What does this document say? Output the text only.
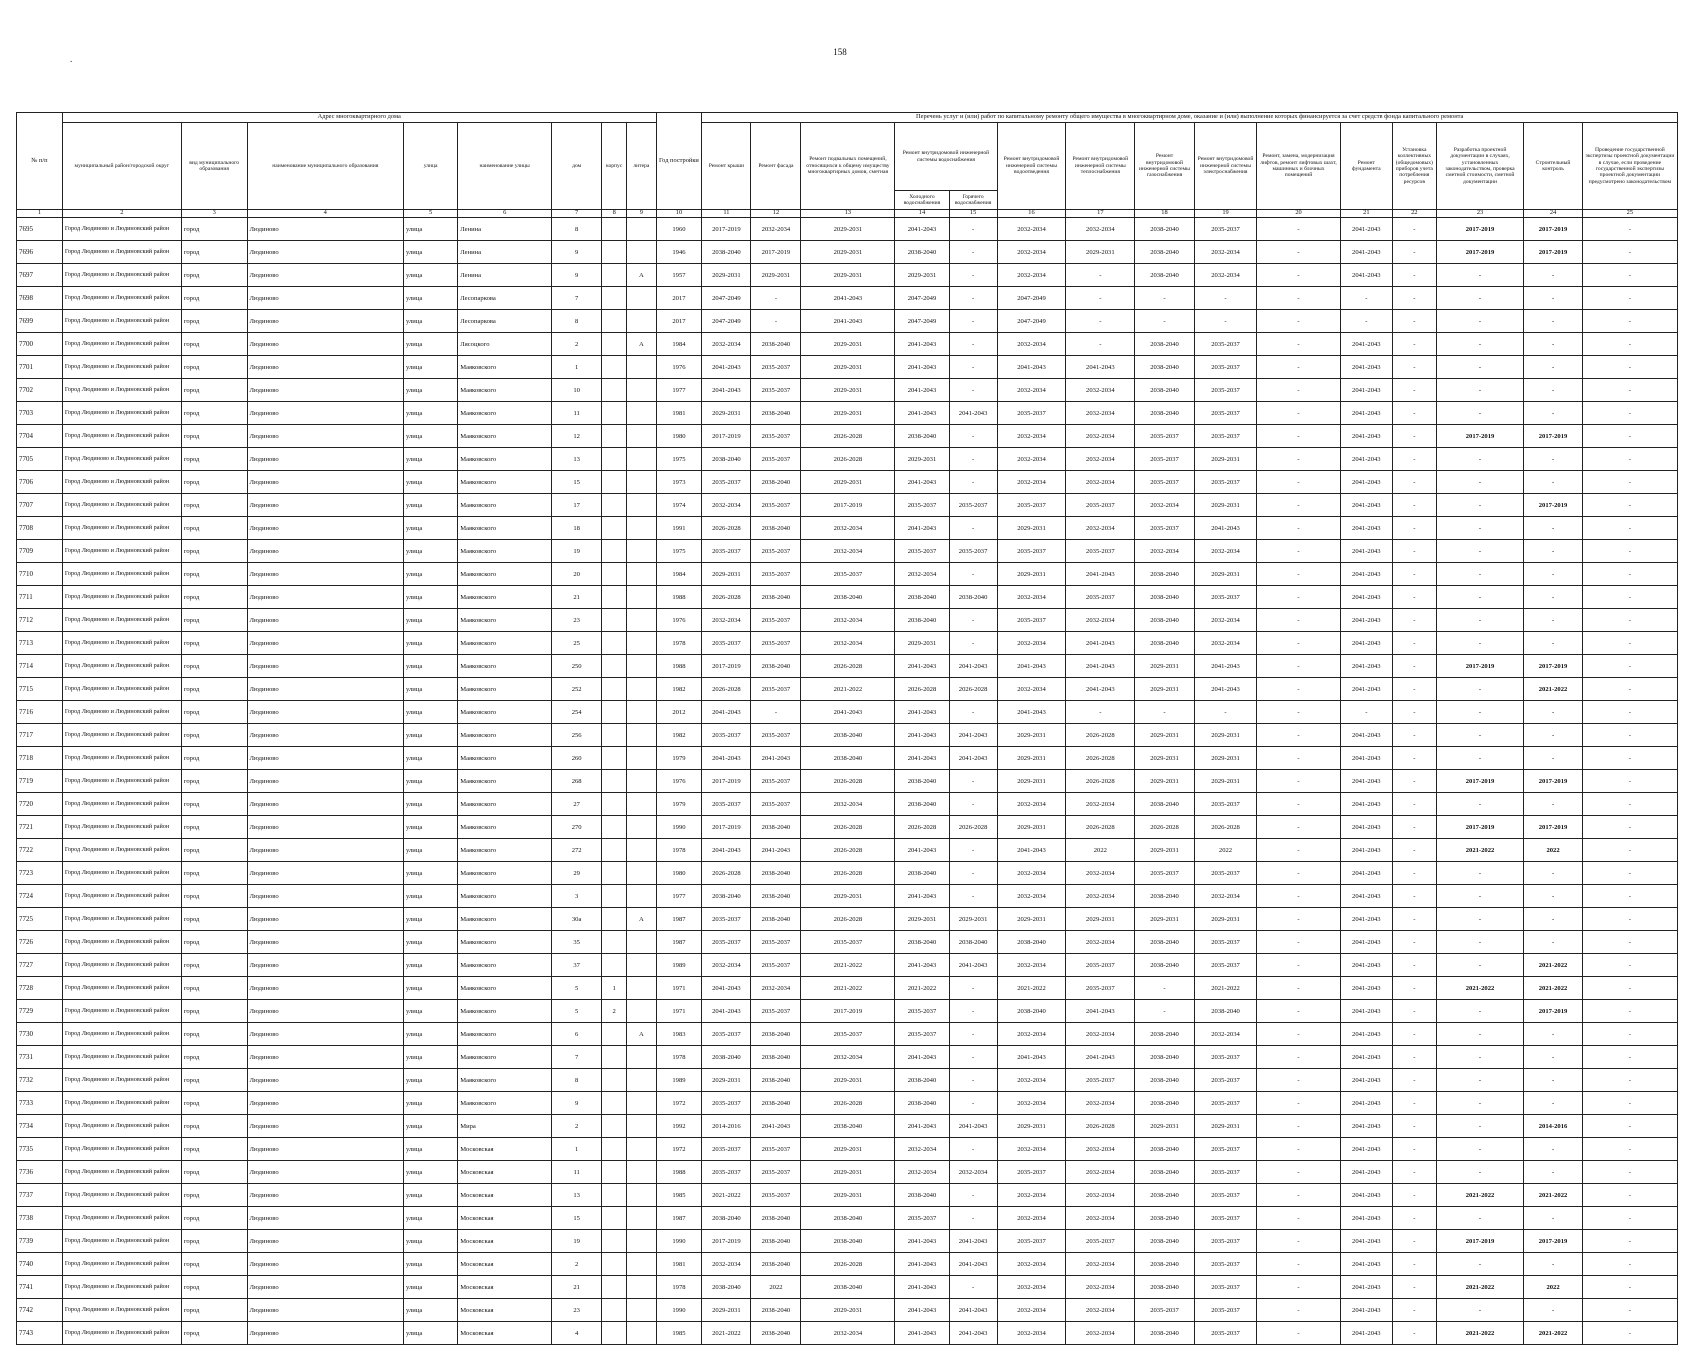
158
.
№ п/п	Адрес многоквартирного дома								Год постройки	Перечень услуг и (или) работ по капитальному ремонту общего имущества в многоквартирном доме, оказание и (или) выполнение которых финансируется за счет средств фонда капитального ремонта														
	муниципальный район/городской округ	вид муниципального образования	наименование муниципального образования	улица	наименование улицы	дом	корпус	литера		Ремонт крыши	Ремонт фасада	Ремонт подвальных помещений, относящихся к общему имуществу многоквартирных домов, сметная	Ремонт внутридомовой инженерной системы водоснабжения		Ремонт внутридомовой инженерной системы водоотведения	Ремонт внутридомовой инженерной системы теплоснабжения	Ремонт внутридомовой инженерной системы газоснабжения	Ремонт внутридомовой инженерной системы электроснабжения	Ремонт, замена, модернизация лифтов, ремонт лифтовых шахт, машинных и блочных помещений	Ремонт фундамента	Установка коллективных (общедомовых) приборов учета потребления ресурсов	Разработка проектной документации в случаях, установленных законодательством, проверка сметной стоимости, сметной документации	Строительный контроль	Проведение государственной экспертизы проектной документации в случае, если проведение государственной экспертизы проектной документации предусмотрено законодательством
													Холодного водоснабжения	Горячего водоснабжения										
1	2	3	4	5	6	7	8	9	10	11	12	13	14	15	16	17	18	19	20	21	22	23	24	25
7695	Город Людиново и Людиновский район	город	Людиново	улица	Ленина	8			1960	2017-2019	2032-2034	2029-2031	2041-2043	-	2032-2034	2032-2034	2038-2040	2035-2037	-	2041-2043	-	2017-2019	2017-2019	-
7696	Город Людиново и Людиновский район	город	Людиново	улица	Ленина	9			1946	2038-2040	2017-2019	2029-2031	2038-2040	-	2032-2034	2029-2031	2038-2040	2032-2034	-	2041-2043	-	2017-2019	2017-2019	-
7697	Город Людиново и Людиновский район	город	Людиново	улица	Ленина	9		А	1957	2029-2031	2029-2031	2029-2031	2029-2031	-	2032-2034	-	2038-2040	2032-2034	-	2041-2043	-	-	-	-
7698	Город Людиново и Людиновский район	город	Людиново	улица	Лесопаркова	7			2017	2047-2049	-	2041-2043	2047-2049	-	2047-2049	-	-	-	-	-	-	-	-	-
7699	Город Людиново и Людиновский район	город	Людиново	улица	Лесопаркова	8			2017	2047-2049	-	2041-2043	2047-2049	-	2047-2049	-	-	-	-	-	-	-	-	-
7700	Город Людиново и Людиновский район	город	Людиново	улица	Лясоцкого	2		А	1984	2032-2034	2038-2040	2029-2031	2041-2043	-	2032-2034	-	2038-2040	2035-2037	-	2041-2043	-	-	-	-
7701	Город Людиново и Людиновский район	город	Людиново	улица	Маяковского	1			1976	2041-2043	2035-2037	2029-2031	2041-2043	-	2041-2043	2041-2043	2038-2040	2035-2037	-	2041-2043	-	-	-	-
7702	Город Людиново и Людиновский район	город	Людиново	улица	Маяковского	10			1977	2041-2043	2035-2037	2029-2031	2041-2043	-	2032-2034	2032-2034	2038-2040	2035-2037	-	2041-2043	-	-	-	-
7703	Город Людиново и Людиновский район	город	Людиново	улица	Маяковского	11			1981	2029-2031	2038-2040	2029-2031	2041-2043	2041-2043	2035-2037	2032-2034	2038-2040	2035-2037	-	2041-2043	-	-	-	-
7704	Город Людиново и Людиновский район	город	Людиново	улица	Маяковского	12			1980	2017-2019	2035-2037	2026-2028	2038-2040	-	2032-2034	2032-2034	2035-2037	2035-2037	-	2041-2043	-	2017-2019	2017-2019	-
7705	Город Людиново и Людиновский район	город	Людиново	улица	Маяковского	13			1975	2038-2040	2035-2037	2026-2028	2029-2031	-	2032-2034	2032-2034	2035-2037	2029-2031	-	2041-2043	-	-	-	-
7706	Город Людиново и Людиновский район	город	Людиново	улица	Маяковского	15			1973	2035-2037	2038-2040	2029-2031	2041-2043	-	2032-2034	2032-2034	2035-2037	2035-2037	-	2041-2043	-	-	-	-
7707	Город Людиново и Людиновский район	город	Людиново	улица	Маяковского	17			1974	2032-2034	2035-2037	2017-2019	2035-2037	2035-2037	2035-2037	2035-2037	2032-2034	2029-2031	-	2041-2043	-	-	2017-2019	-
7708	Город Людиново и Людиновский район	город	Людиново	улица	Маяковского	18			1991	2026-2028	2038-2040	2032-2034	2041-2043	-	2029-2031	2032-2034	2035-2037	2041-2043	-	2041-2043	-	-	-	-
7709	Город Людиново и Людиновский район	город	Людиново	улица	Маяковского	19			1975	2035-2037	2035-2037	2032-2034	2035-2037	2035-2037	2035-2037	2035-2037	2032-2034	2032-2034	-	2041-2043	-	-	-	-
7710	Город Людиново и Людиновский район	город	Людиново	улица	Маяковского	20			1984	2029-2031	2035-2037	2035-2037	2032-2034	-	2029-2031	2041-2043	2038-2040	2029-2031	-	2041-2043	-	-	-	-
7711	Город Людиново и Людиновский район	город	Людиново	улица	Маяковского	21			1988	2026-2028	2038-2040	2038-2040	2038-2040	2038-2040	2032-2034	2035-2037	2038-2040	2035-2037	-	2041-2043	-	-	-	-
7712	Город Людиново и Людиновский район	город	Людиново	улица	Маяковского	23			1976	2032-2034	2035-2037	2032-2034	2038-2040	-	2035-2037	2032-2034	2038-2040	2032-2034	-	2041-2043	-	-	-	-
7713	Город Людиново и Людиновский район	город	Людиново	улица	Маяковского	25			1978	2035-2037	2035-2037	2032-2034	2029-2031	-	2032-2034	2041-2043	2038-2040	2032-2034	-	2041-2043	-	-	-	-
7714	Город Людиново и Людиновский район	город	Людиново	улица	Маяковского	250			1988	2017-2019	2038-2040	2026-2028	2041-2043	2041-2043	2041-2043	2041-2043	2029-2031	2041-2043	-	2041-2043	-	2017-2019	2017-2019	-
7715	Город Людиново и Людиновский район	город	Людиново	улица	Маяковского	252			1982	2026-2028	2035-2037	2021-2022	2026-2028	2026-2028	2032-2034	2041-2043	2029-2031	2041-2043	-	2041-2043	-	-	2021-2022	-
7716	Город Людиново и Людиновский район	город	Людиново	улица	Маяковского	254			2012	2041-2043	-	2041-2043	2041-2043	-	2041-2043	-	-	-	-	-	-	-	-	-
7717	Город Людиново и Людиновский район	город	Людиново	улица	Маяковского	256			1982	2035-2037	2035-2037	2038-2040	2041-2043	2041-2043	2029-2031	2026-2028	2029-2031	2029-2031	-	2041-2043	-	-	-	-
7718	Город Людиново и Людиновский район	город	Людиново	улица	Маяковского	260			1979	2041-2043	2041-2043	2038-2040	2041-2043	2041-2043	2029-2031	2026-2028	2029-2031	2029-2031	-	2041-2043	-	-	-	-
7719	Город Людиново и Людиновский район	город	Людиново	улица	Маяковского	268			1976	2017-2019	2035-2037	2026-2028	2038-2040	-	2029-2031	2026-2028	2029-2031	2029-2031	-	2041-2043	-	2017-2019	2017-2019	-
7720	Город Людиново и Людиновский район	город	Людиново	улица	Маяковского	27			1979	2035-2037	2035-2037	2032-2034	2038-2040	-	2032-2034	2032-2034	2038-2040	2035-2037	-	2041-2043	-	-	-	-
7721	Город Людиново и Людиновский район	город	Людиново	улица	Маяковского	270			1990	2017-2019	2038-2040	2026-2028	2026-2028	2026-2028	2029-2031	2026-2028	2026-2028	2026-2028	-	2041-2043	-	2017-2019	2017-2019	-
7722	Город Людиново и Людиновский район	город	Людиново	улица	Маяковского	272			1978	2041-2043	2041-2043	2026-2028	2041-2043	-	2041-2043	2022	2029-2031	2022	-	2041-2043	-	2021-2022	2022	-
7723	Город Людиново и Людиновский район	город	Людиново	улица	Маяковского	29			1980	2026-2028	2038-2040	2026-2028	2038-2040	-	2032-2034	2032-2034	2035-2037	2035-2037	-	2041-2043	-	-	-	-
7724	Город Людиново и Людиновский район	город	Людиново	улица	Маяковского	3			1977	2038-2040	2038-2040	2029-2031	2041-2043	-	2032-2034	2032-2034	2038-2040	2032-2034	-	2041-2043	-	-	-	-
7725	Город Людиново и Людиновский район	город	Людиново	улица	Маяковского	30а		А	1987	2035-2037	2038-2040	2026-2028	2029-2031	2029-2031	2029-2031	2029-2031	2029-2031	2029-2031	-	2041-2043	-	-	-	-
7726	Город Людиново и Людиновский район	город	Людиново	улица	Маяковского	35			1987	2035-2037	2035-2037	2035-2037	2038-2040	2038-2040	2038-2040	2032-2034	2038-2040	2035-2037	-	2041-2043	-	-	-	-
7727	Город Людиново и Людиновский район	город	Людиново	улица	Маяковского	37			1989	2032-2034	2035-2037	2021-2022	2041-2043	2041-2043	2032-2034	2035-2037	2038-2040	2035-2037	-	2041-2043	-	-	2021-2022	-
7728	Город Людиново и Людиновский район	город	Людиново	улица	Маяковского	5	1		1971	2041-2043	2032-2034	2021-2022	2021-2022	-	2021-2022	2035-2037	-	2021-2022	-	2041-2043	-	2021-2022	2021-2022	-
7729	Город Людиново и Людиновский район	город	Людиново	улица	Маяковского	5	2		1971	2041-2043	2035-2037	2017-2019	2035-2037	-	2038-2040	2041-2043	-	2038-2040	-	2041-2043	-	-	2017-2019	-
7730	Город Людиново и Людиновский район	город	Людиново	улица	Маяковского	6		А	1983	2035-2037	2038-2040	2035-2037	2035-2037	-	2032-2034	2032-2034	2038-2040	2032-2034	-	2041-2043	-	-	-	-
7731	Город Людиново и Людиновский район	город	Людиново	улица	Маяковского	7			1978	2038-2040	2038-2040	2032-2034	2041-2043	-	2041-2043	2041-2043	2038-2040	2035-2037	-	2041-2043	-	-	-	-
7732	Город Людиново и Людиновский район	город	Людиново	улица	Маяковского	8			1989	2029-2031	2038-2040	2029-2031	2038-2040	-	2032-2034	2035-2037	2038-2040	2035-2037	-	2041-2043	-	-	-	-
7733	Город Людиново и Людиновский район	город	Людиново	улица	Маяковского	9			1972	2035-2037	2038-2040	2026-2028	2038-2040	-	2032-2034	2032-2034	2038-2040	2035-2037	-	2041-2043	-	-	-	-
7734	Город Людиново и Людиновский район	город	Людиново	улица	Мира	2			1992	2014-2016	2041-2043	2038-2040	2041-2043	2041-2043	2029-2031	2026-2028	2029-2031	2029-2031	-	2041-2043	-	-	2014-2016	-
7735	Город Людиново и Людиновский район	город	Людиново	улица	Московская	1			1972	2035-2037	2035-2037	2029-2031	2032-2034	-	2032-2034	2032-2034	2038-2040	2035-2037	-	2041-2043	-	-	-	-
7736	Город Людиново и Людиновский район	город	Людиново	улица	Московская	11			1988	2035-2037	2035-2037	2029-2031	2032-2034	2032-2034	2035-2037	2032-2034	2038-2040	2035-2037	-	2041-2043	-	-	-	-
7737	Город Людиново и Людиновский район	город	Людиново	улица	Московская	13			1985	2021-2022	2035-2037	2029-2031	2038-2040	-	2032-2034	2032-2034	2038-2040	2035-2037	-	2041-2043	-	2021-2022	2021-2022	-
7738	Город Людиново и Людиновский район	город	Людиново	улица	Московская	15			1987	2038-2040	2038-2040	2038-2040	2035-2037	-	2032-2034	2032-2034	2038-2040	2035-2037	-	2041-2043	-	-	-	-
7739	Город Людиново и Людиновский район	город	Людиново	улица	Московская	19			1990	2017-2019	2038-2040	2038-2040	2041-2043	2041-2043	2035-2037	2035-2037	2038-2040	2035-2037	-	2041-2043	-	2017-2019	2017-2019	-
7740	Город Людиново и Людиновский район	город	Людиново	улица	Московская	2			1981	2032-2034	2038-2040	2026-2028	2041-2043	2041-2043	2032-2034	2032-2034	2038-2040	2035-2037	-	2041-2043	-	-	-	-
7741	Город Людиново и Людиновский район	город	Людиново	улица	Московская	21			1978	2038-2040	2022	2038-2040	2041-2043	-	2032-2034	2032-2034	2038-2040	2035-2037	-	2041-2043	-	2021-2022	2022	-
7742	Город Людиново и Людиновский район	город	Людиново	улица	Московская	23			1990	2029-2031	2038-2040	2029-2031	2041-2043	2041-2043	2032-2034	2032-2034	2035-2037	2035-2037	-	2041-2043	-	-	-	-
7743	Город Людиново и Людиновский район	город	Людиново	улица	Московская	4			1985	2021-2022	2038-2040	2032-2034	2041-2043	2041-2043	2032-2034	2032-2034	2038-2040	2035-2037	-	2041-2043	-	2021-2022	2021-2022	-
